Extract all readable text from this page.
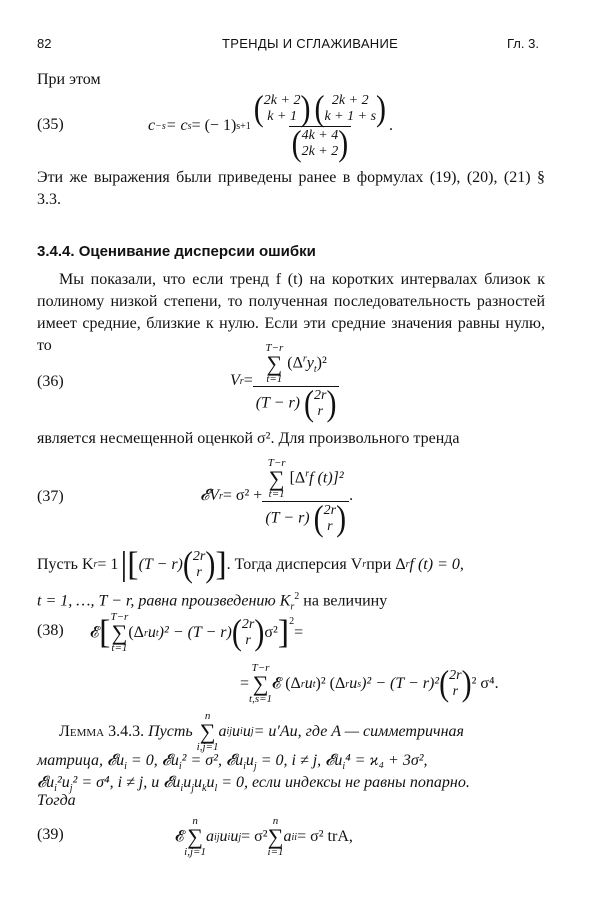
82	ТРЕНДЫ И СГЛАЖИВАНИЕ	Гл. 3.
При этом
(35)	c −s = c s = (− 1) s+1 ( 2k + 2
k + 1 )
( 2k + 2
k + 1 + s )
( 4k + 4
2k + 2 ) .
Эти же выражения были приведены ранее в формулах (19), (20), (21) § 3.3.
3.4.4. Оценивание дисперсии ошибки
Мы показали, что если тренд f (t) на коротких интервалах близок к полиному низкой степени, то полученная последовательность разностей имеет средние, близкие к нулю. Если эти средние значения равны нулю, то
(36)	V r = T−r
∑
t=1
$(\Delta^ry_t)^2$
(T − r) ( 2r
r )
является несмещенной оценкой σ². Для произвольного тренда
(37)	𝓔V r = σ² + T−r
∑
t=1
[$\Delta^rf$ (t)]²
(T − r) ( 2r
r ) .
Пусть K r = 1 |[ (T − r) ( 2r
r ) ] . Тогда дисперсия V r при Δ r f (t) = 0,
t = 1, …, T − r, равна произведению $K_r^2$ на величину
(38) 𝓔 [ T−r
∑
t=1
(Δ r u t )² − (T − r) ( 2r
r ) σ² ]$^2$
=
=
T−r
∑
t,s=1
𝓔 (Δ r u t )² (Δ r u s )² − (T − r)² ( 2r
r ) ² σ⁴.
Лемма 3.4.3.
Пусть

n
∑
i,j=1
a ij u i u j = u′Au, где A — симметричная
матрица, 𝓔u$_i$ = 0, 𝓔u$_i$² = σ², $𝓔u_iu_j = 0$, i ≠ j, 𝓔u$_i$⁴ = ϰ₄ + 3σ²,
$𝓔u_i^2u_j^2 = \sigma^4$, i ≠ j, и $𝓔u_iu_ju_ku_l = 0$, если индексы не равны попарно.
Тогда
(39)	𝓔
n
∑
i,j=1
a ij u i u j = σ²
n
∑
i=1
a ii = σ² trA,
